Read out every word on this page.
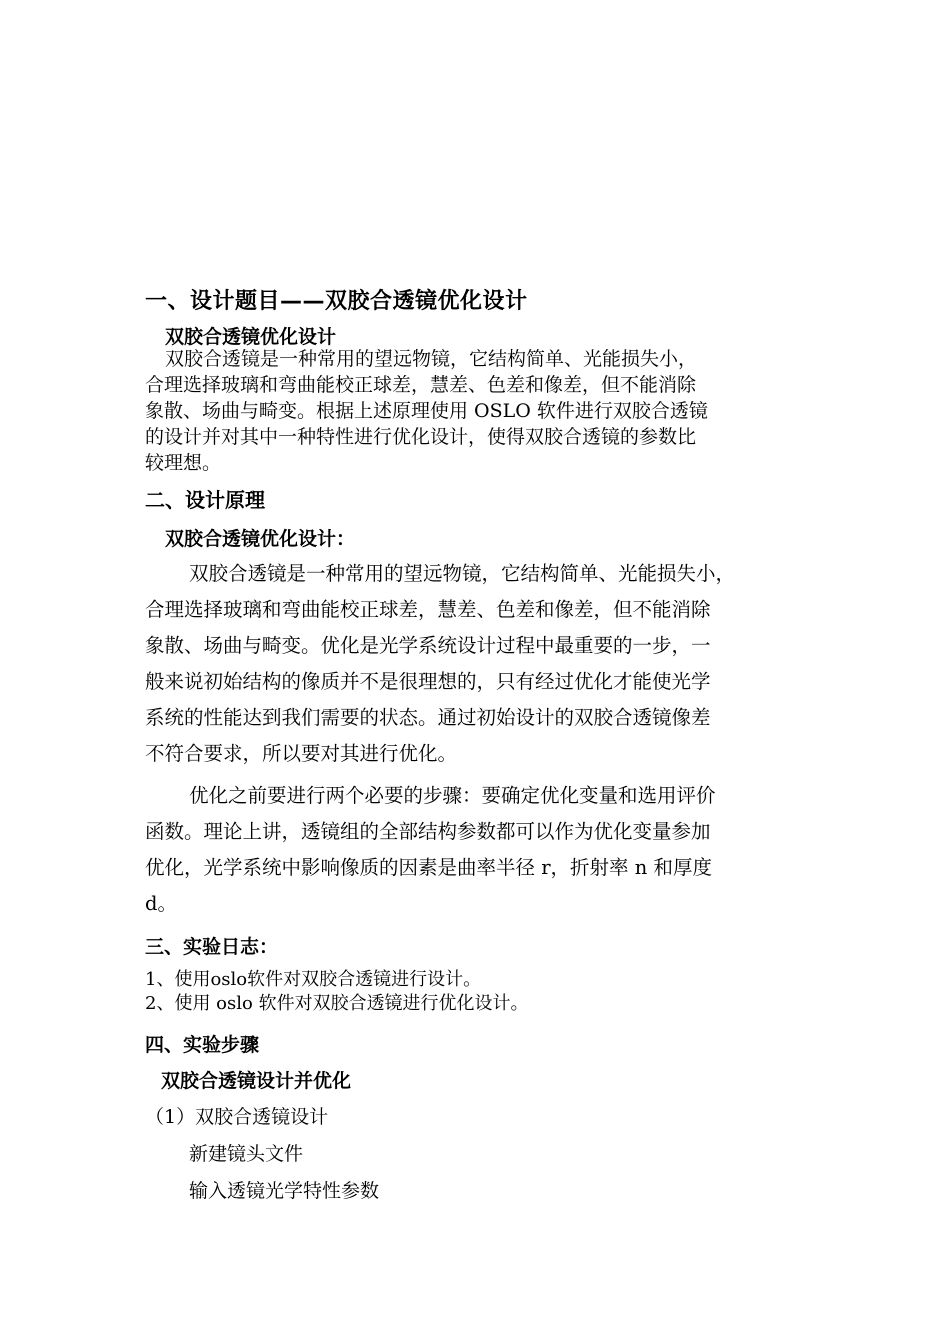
一、设计题目——双胶合透镜优化设计
双胶合透镜优化设计
双胶合透镜是一种常用的望远物镜，它结构简单、光能损失小，
合理选择玻璃和弯曲能校正球差，慧差、色差和像差，但不能消除
象散、场曲与畸变。根据上述原理使用 OSLO 软件进行双胶合透镜
的设计并对其中一种特性进行优化设计，使得双胶合透镜的参数比
较理想。
二、设计原理
双胶合透镜优化设计：
双胶合透镜是一种常用的望远物镜，它结构简单、光能损失小，
合理选择玻璃和弯曲能校正球差，慧差、色差和像差，但不能消除
象散、场曲与畸变。优化是光学系统设计过程中最重要的一步，一
般来说初始结构的像质并不是很理想的，只有经过优化才能使光学
系统的性能达到我们需要的状态。通过初始设计的双胶合透镜像差
不符合要求，所以要对其进行优化。
优化之前要进行两个必要的步骤：要确定优化变量和选用评价
函数。理论上讲，透镜组的全部结构参数都可以作为优化变量参加
优化，光学系统中影响像质的因素是曲率半径 r，折射率 n 和厚度
d。
三、实验日志：
1、使用oslo软件对双胶合透镜进行设计。
2、使用 oslo 软件对双胶合透镜进行优化设计。
四、实验步骤
双胶合透镜设计并优化
（1）双胶合透镜设计
新建镜头文件
输入透镜光学特性参数
